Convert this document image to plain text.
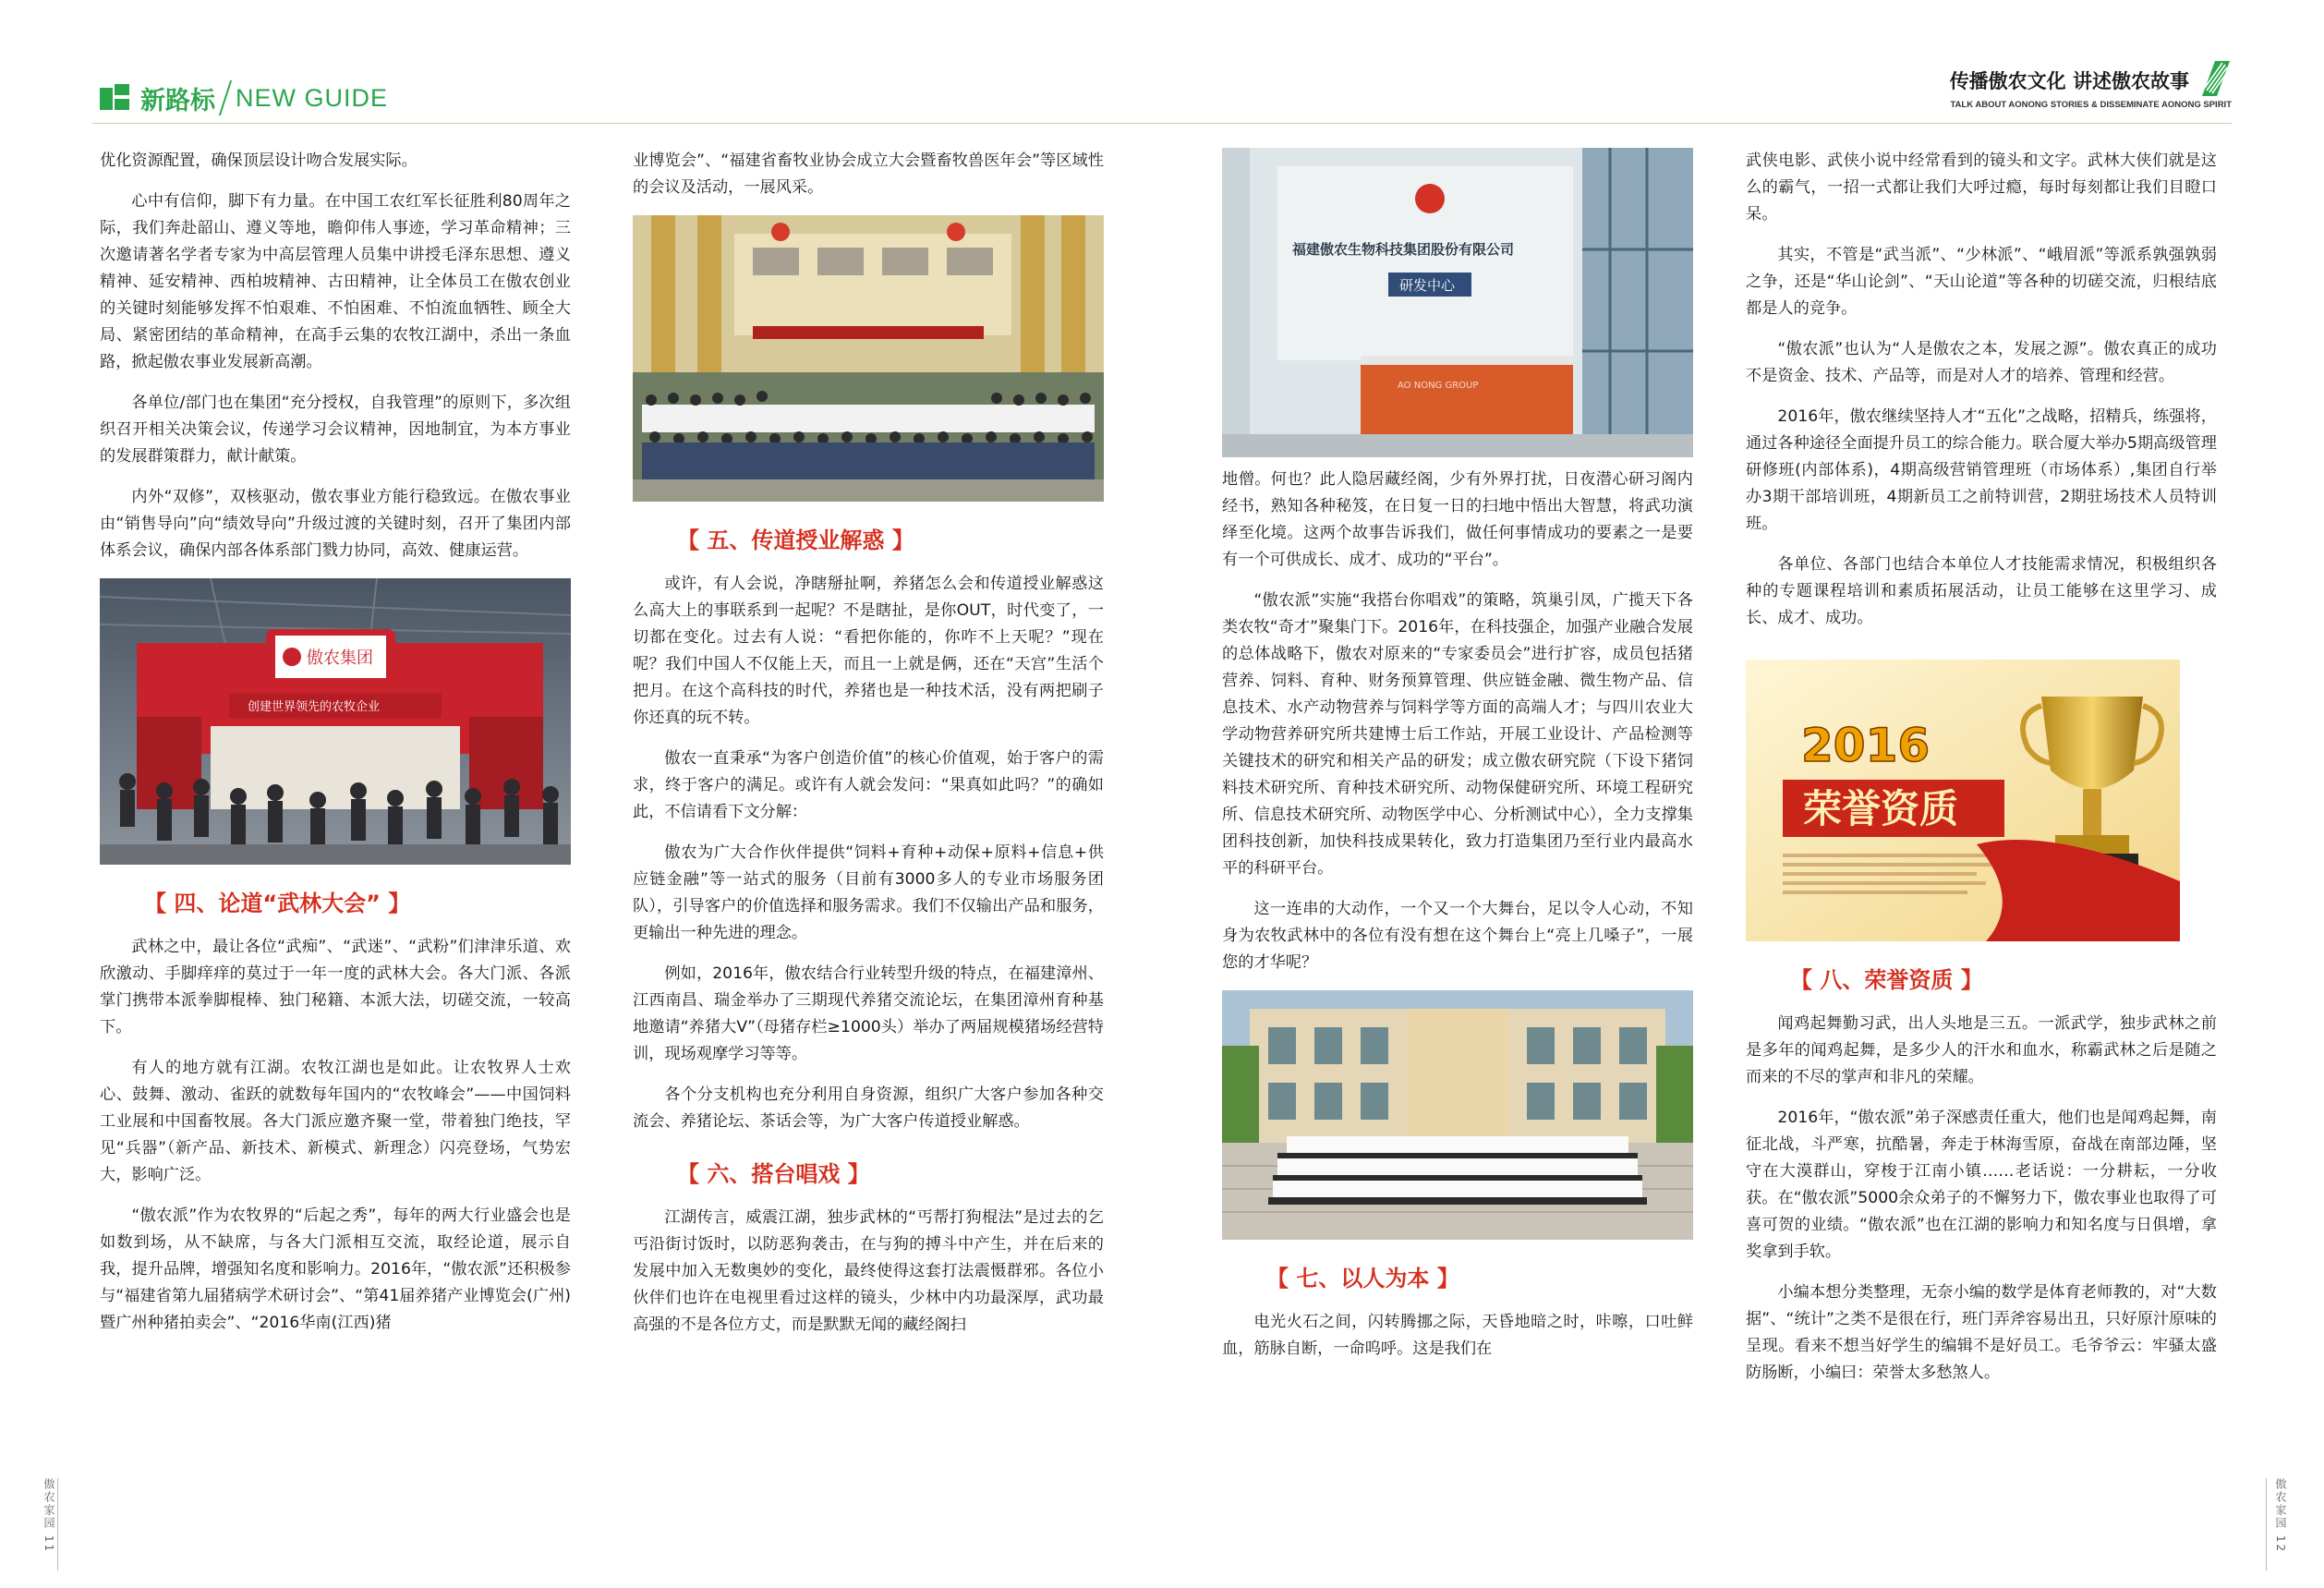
新路标 NEW GUIDE
传播傲农文化 讲述傲农故事
TALK ABOUT AONONG STORIES & DISSEMINATE AONONG SPIRIT

优化资源配置，确保顶层设计吻合发展实际。

心中有信仰，脚下有力量。在中国工农红军长征胜利80周年之际，我们奔赴韶山、遵义等地，瞻仰伟人事迹，学习革命精神；三次邀请著名学者专家为中高层管理人员集中讲授毛泽东思想、遵义精神、延安精神、西柏坡精神、古田精神，让全体员工在傲农创业的关键时刻能够发挥不怕艰难、不怕困难、不怕流血牺牲、顾全大局、紧密团结的革命精神，在高手云集的农牧江湖中，杀出一条血路，掀起傲农事业发展新高潮。

各单位/部门也在集团“充分授权，自我管理”的原则下，多次组织召开相关决策会议，传递学习会议精神，因地制宜，为本方事业的发展群策群力，献计献策。

内外“双修”，双核驱动，傲农事业方能行稳致远。在傲农事业由“销售导向”向“绩效导向”升级过渡的关键时刻，召开了集团内部体系会议，确保内部各体系部门戮力协同，高效、健康运营。

傲农集团
创建世界领先的农牧企业
【 四、论道“武林大会” 】

武林之中，最让各位“武痴”、“武迷”、“武粉”们津津乐道、欢欣激动、手脚痒痒的莫过于一年一度的武林大会。各大门派、各派掌门携带本派拳脚棍棒、独门秘籍、本派大法，切磋交流，一较高下。

有人的地方就有江湖。农牧江湖也是如此。让农牧界人士欢心、鼓舞、激动、雀跃的就数每年国内的“农牧峰会”——中国饲料工业展和中国畜牧展。各大门派应邀齐聚一堂，带着独门绝技，罕见“兵器”（新产品、新技术、新模式、新理念）闪亮登场，气势宏大，影响广泛。

“傲农派”作为农牧界的“后起之秀”，每年的两大行业盛会也是如数到场，从不缺席，与各大门派相互交流，取经论道，展示自我，提升品牌，增强知名度和影响力。2016年，“傲农派”还积极参与“福建省第九届猪病学术研讨会”、“第41届养猪产业博览会(广州)暨广州种猪拍卖会”、“2016华南(江西)猪

业博览会”、“福建省畜牧业协会成立大会暨畜牧兽医年会”等区域性的会议及活动，一展风采。

【 五、传道授业解惑 】

或许，有人会说，净瞎掰扯啊，养猪怎么会和传道授业解惑这么高大上的事联系到一起呢？不是瞎扯，是你OUT，时代变了，一切都在变化。过去有人说：“看把你能的，你咋不上天呢？”现在呢？我们中国人不仅能上天，而且一上就是俩，还在“天宫”生活个把月。在这个高科技的时代，养猪也是一种技术活，没有两把刷子你还真的玩不转。

傲农一直秉承“为客户创造价值”的核心价值观，始于客户的需求，终于客户的满足。或许有人就会发问：“果真如此吗？”的确如此，不信请看下文分解：

傲农为广大合作伙伴提供“饲料+育种+动保+原料+信息+供应链金融”等一站式的服务（目前有3000多人的专业市场服务团队），引导客户的价值选择和服务需求。我们不仅输出产品和服务，更输出一种先进的理念。

例如，2016年，傲农结合行业转型升级的特点，在福建漳州、江西南昌、瑞金举办了三期现代养猪交流论坛，在集团漳州育种基地邀请“养猪大V”（母猪存栏≥1000头）举办了两届规模猪场经营特训，现场观摩学习等等。

各个分支机构也充分利用自身资源，组织广大客户参加各种交流会、养猪论坛、茶话会等，为广大客户传道授业解惑。

【 六、搭台唱戏 】

江湖传言，威震江湖，独步武林的“丐帮打狗棍法”是过去的乞丐沿街讨饭时，以防恶狗袭击，在与狗的搏斗中产生，并在后来的发展中加入无数奥妙的变化，最终使得这套打法震慑群邪。各位小伙伴们也许在电视里看过这样的镜头，少林中内功最深厚，武功最高强的不是各位方丈，而是默默无闻的藏经阁扫

福建傲农生物科技集团股份有限公司
研发中心
AO NONG GROUP

地僧。何也？此人隐居藏经阁，少有外界打扰，日夜潜心研习阁内经书，熟知各种秘笈，在日复一日的扫地中悟出大智慧，将武功演绎至化境。这两个故事告诉我们，做任何事情成功的要素之一是要有一个可供成长、成才、成功的“平台”。

“傲农派”实施“我搭台你唱戏”的策略，筑巢引凤，广揽天下各类农牧“奇才”聚集门下。2016年，在科技强企，加强产业融合发展的总体战略下，傲农对原来的“专家委员会”进行扩容，成员包括猪营养、饲料、育种、财务预算管理、供应链金融、微生物产品、信息技术、水产动物营养与饲料学等方面的高端人才；与四川农业大学动物营养研究所共建博士后工作站，开展工业设计、产品检测等关键技术的研究和相关产品的研发；成立傲农研究院（下设下猪饲料技术研究所、育种技术研究所、动物保健研究所、环境工程研究所、信息技术研究所、动物医学中心、分析测试中心），全力支撑集团科技创新，加快科技成果转化，致力打造集团乃至行业内最高水平的科研平台。

这一连串的大动作，一个又一个大舞台，足以令人心动，不知身为农牧武林中的各位有没有想在这个舞台上“亮上几嗓子”，一展您的才华呢？

【 七、以人为本 】

电光火石之间，闪转腾挪之际，天昏地暗之时，咔嚓，口吐鲜血，筋脉自断，一命呜呼。这是我们在

武侠电影、武侠小说中经常看到的镜头和文字。武林大侠们就是这么的霸气，一招一式都让我们大呼过瘾，每时每刻都让我们目瞪口呆。

其实，不管是“武当派”、“少林派”、“峨眉派”等派系孰强孰弱之争，还是“华山论剑”、“天山论道”等各种的切磋交流，归根结底都是人的竞争。

“傲农派”也认为“人是傲农之本，发展之源”。傲农真正的成功不是资金、技术、产品等，而是对人才的培养、管理和经营。

2016年，傲农继续坚持人才“五化”之战略，招精兵，练强将，通过各种途径全面提升员工的综合能力。联合厦大举办5期高级管理研修班(内部体系)，4期高级营销管理班（市场体系）,集团自行举办3期干部培训班，4期新员工之前特训营，2期驻场技术人员特训班。

各单位、各部门也结合本单位人才技能需求情况，积极组织各种的专题课程培训和素质拓展活动，让员工能够在这里学习、成长、成才、成功。

2016
荣誉资质
【 八、荣誉资质 】

闻鸡起舞勤习武，出人头地是三五。一派武学，独步武林之前是多年的闻鸡起舞，是多少人的汗水和血水，称霸武林之后是随之而来的不尽的掌声和非凡的荣耀。

2016年，“傲农派”弟子深感责任重大，他们也是闻鸡起舞，南征北战，斗严寒，抗酷暑，奔走于林海雪原，奋战在南部边陲，坚守在大漠群山，穿梭于江南小镇……老话说：一分耕耘，一分收获。在“傲农派”5000余众弟子的不懈努力下，傲农事业也取得了可喜可贺的业绩。“傲农派”也在江湖的影响力和知名度与日俱增，拿奖拿到手软。

小编本想分类整理，无奈小编的数学是体育老师教的，对“大数据”、“统计”之类不是很在行，班门弄斧容易出丑，只好原汁原味的呈现。看来不想当好学生的编辑不是好员工。毛爷爷云：牢骚太盛防肠断，小编曰：荣誉太多愁煞人。

傲农家园 11
傲农家园 12
